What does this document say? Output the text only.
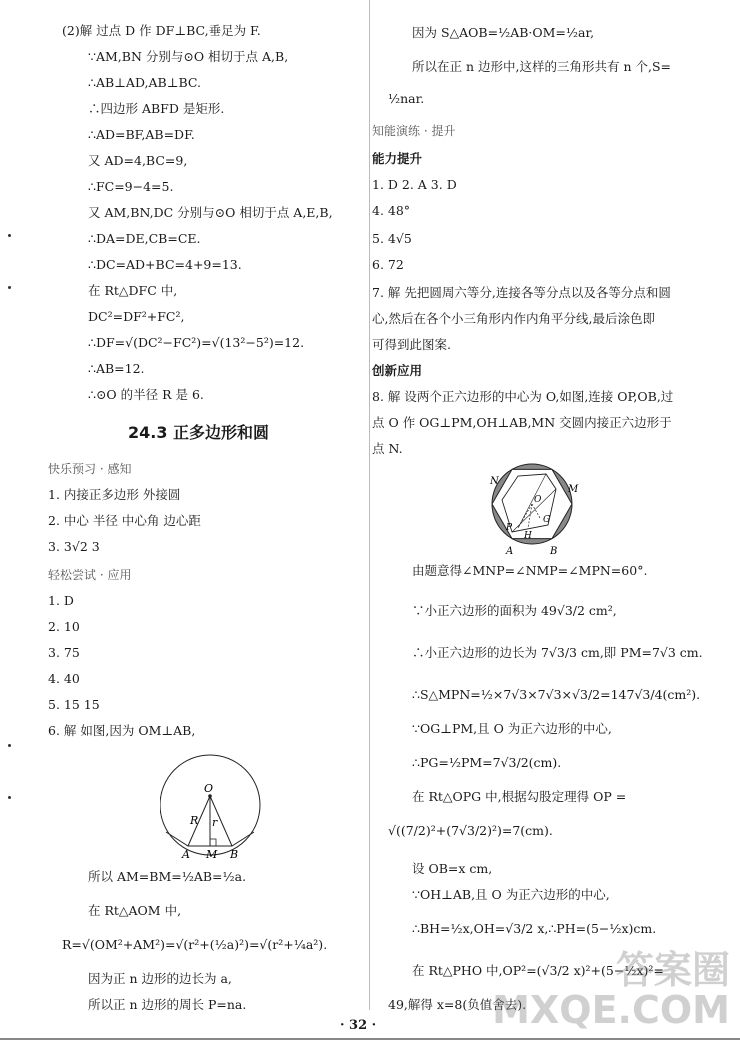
(2)解 过点 D 作 DF⊥BC,垂足为 F.
∵AM,BN 分别与⊙O 相切于点 A,B,
∴AB⊥AD,AB⊥BC.
∴四边形 ABFD 是矩形.
∴AD=BF,AB=DF.
又 AD=4,BC=9,
∴FC=9−4=5.
又 AM,BN,DC 分别与⊙O 相切于点 A,E,B,
∴DA=DE,CB=CE.
∴DC=AD+BC=4+9=13.
在 Rt△DFC 中,
DC²=DF²+FC²,
∴DF=√(DC²−FC²)=√(13²−5²)=12.
∴AB=12.
∴⊙O 的半径 R 是 6.
24.3 正多边形和圆
快乐预习 · 感知
1. 内接正多边形 外接圆
2. 中心 半径 中心角 边心距
3. 3√2 3
轻松尝试 · 应用
1. D
2. 10
3. 75
4. 40
5. 15 15
6. 解 如图,因为 OM⊥AB,
O
R r
A M B
所以 AM=BM=½AB=½a.
在 Rt△AOM 中,
R=√(OM²+AM²)=√(r²+(½a)²)=√(r²+¼a²).
因为正 n 边形的边长为 a,
所以正 n 边形的周长 P=na.
因为 S△AOB=½AB·OM=½ar,
所以在正 n 边形中,这样的三角形共有 n 个,S=
½nar.
知能演练 · 提升
能力提升
1. D 2. A 3. D
4. 48°
5. 4√5
6. 72
7. 解 先把圆周六等分,连接各等分点以及各等分点和圆
心,然后在各个小三角形内作内角平分线,最后涂色即
可得到此图案.
创新应用
8. 解 设两个正六边形的中心为 O,如图,连接 OP,OB,过
点 O 作 OG⊥PM,OH⊥AB,MN 交圆内接正六边形于
点 N.
N
M
O
G
P
H
A	B
由题意得∠MNP=∠NMP=∠MPN=60°.
∵小正六边形的面积为 49√3/2 cm²,
∴小正六边形的边长为 7√3/3 cm,即 PM=7√3 cm.
∴S△MPN=½×7√3×7√3×√3/2=147√3/4(cm²).
∵OG⊥PM,且 O 为正六边形的中心,
∴PG=½PM=7√3/2(cm).
在 Rt△OPG 中,根据勾股定理得 OP =
√((7/2)²+(7√3/2)²)=7(cm).
设 OB=x cm,
∵OH⊥AB,且 O 为正六边形的中心,
∴BH=½x,OH=√3/2 x,∴PH=(5−½x)cm.
在 Rt△PHO 中,OP²=(√3/2 x)²+(5−½x)²=
49,解得 x=8(负值舍去).
· 32 ·
答案圈
MXQE.COM
